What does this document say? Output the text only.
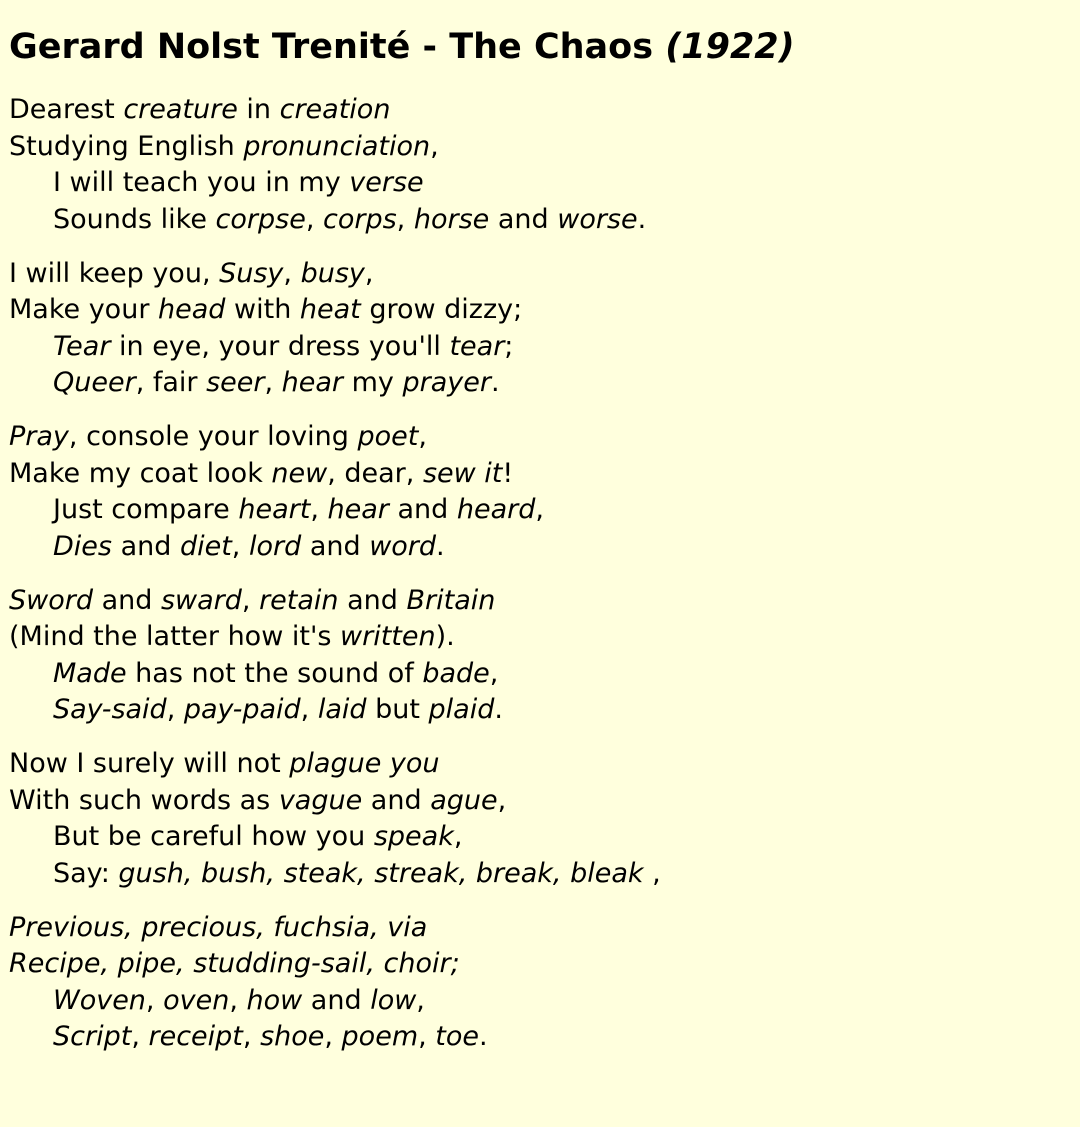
Gerard Nolst Trenité - The Chaos (1922)
Dearest creature in creation
Studying English pronunciation,
I will teach you in my verse
Sounds like corpse, corps, horse and worse.
I will keep you, Susy, busy,
Make your head with heat grow dizzy;
Tear in eye, your dress you'll tear;
Queer, fair seer, hear my prayer.
Pray, console your loving poet,
Make my coat look new, dear, sew it!
Just compare heart, hear and heard,
Dies and diet, lord and word.
Sword and sward, retain and Britain
(Mind the latter how it's written).
Made has not the sound of bade,
Say-said, pay-paid, laid but plaid.
Now I surely will not plague you
With such words as vague and ague,
But be careful how you speak,
Say: gush, bush, steak, streak, break, bleak ,
Previous, precious, fuchsia, via
Recipe, pipe, studding-sail, choir;
Woven, oven, how and low,
Script, receipt, shoe, poem, toe.
